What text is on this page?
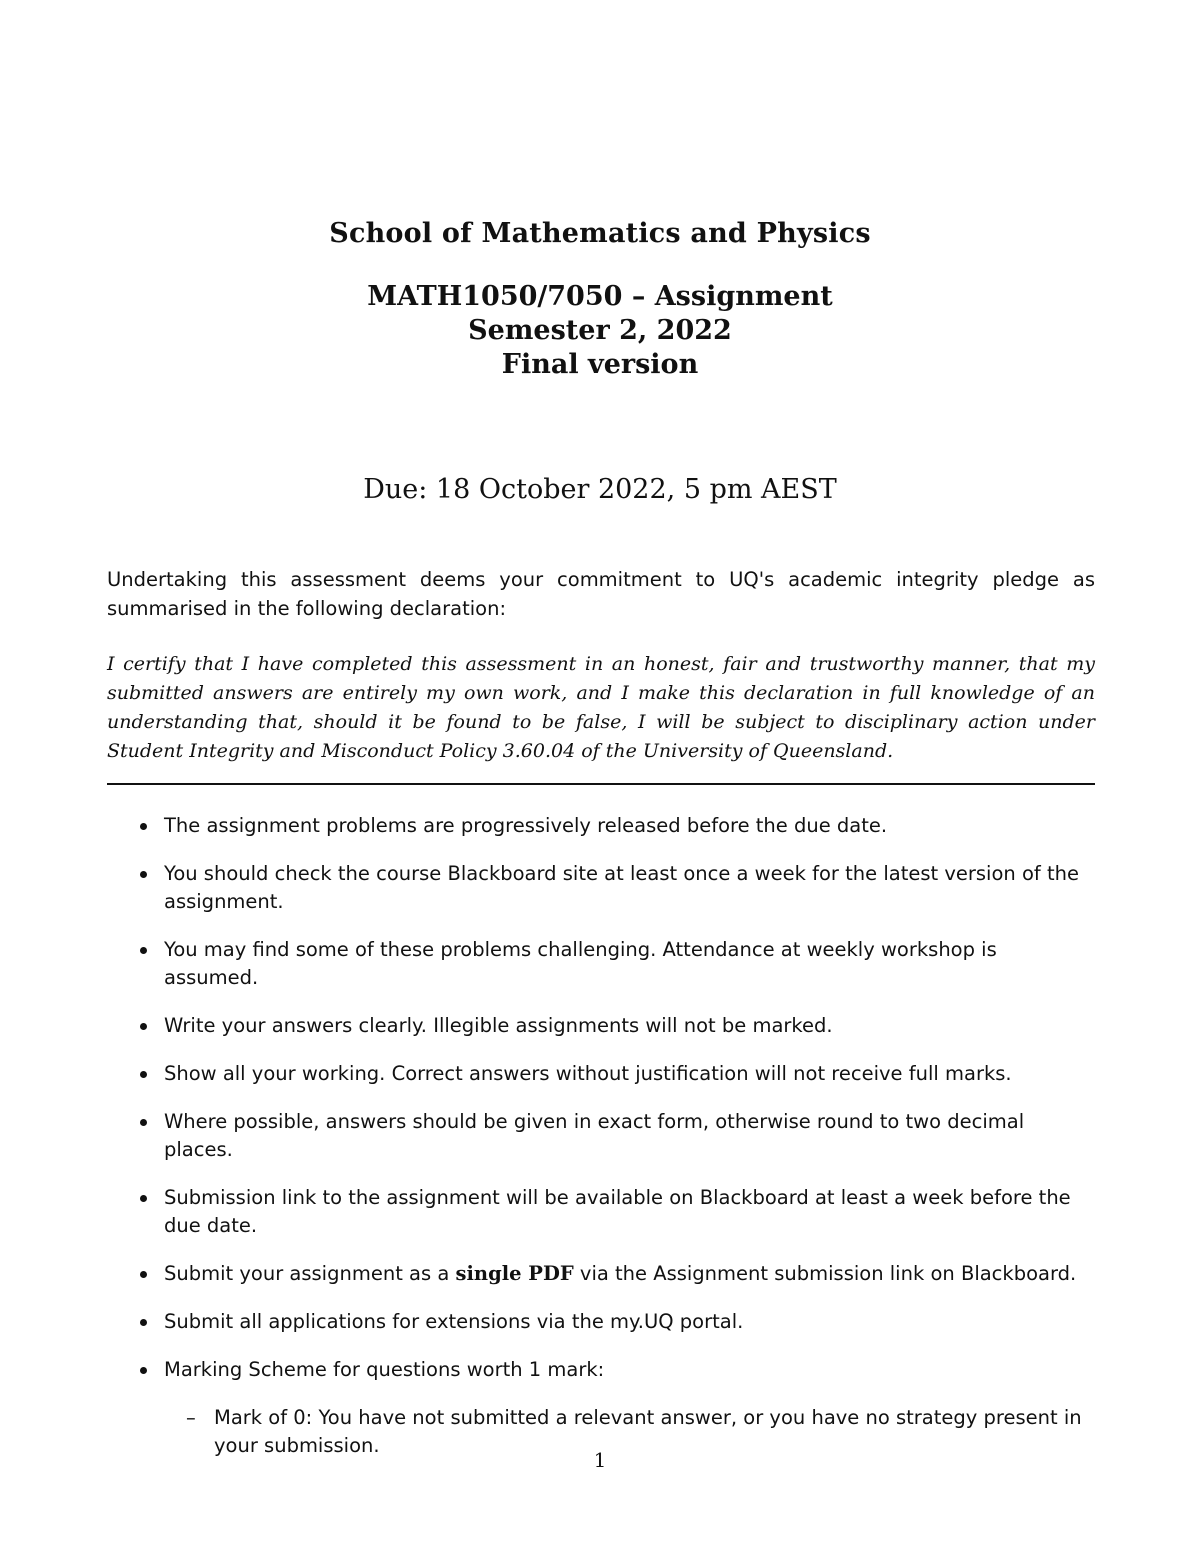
School of Mathematics and Physics
MATH1050/7050 – Assignment
Semester 2, 2022
Final version
Due: 18 October 2022, 5 pm AEST
Undertaking this assessment deems your commitment to UQ's academic integrity pledge as summarised in the following declaration:
I certify that I have completed this assessment in an honest, fair and trustworthy manner, that my submitted answers are entirely my own work, and I make this declaration in full knowledge of an understanding that, should it be found to be false, I will be subject to disciplinary action under Student Integrity and Misconduct Policy 3.60.04 of the University of Queensland.
The assignment problems are progressively released before the due date.
You should check the course Blackboard site at least once a week for the latest version of the assignment.
You may find some of these problems challenging. Attendance at weekly workshop is assumed.
Write your answers clearly. Illegible assignments will not be marked.
Show all your working. Correct answers without justification will not receive full marks.
Where possible, answers should be given in exact form, otherwise round to two decimal places.
Submission link to the assignment will be available on Blackboard at least a week before the due date.
Submit your assignment as a single PDF via the Assignment submission link on Blackboard.
Submit all applications for extensions via the my.UQ portal.
Marking Scheme for questions worth 1 mark:
– Mark of 0: You have not submitted a relevant answer, or you have no strategy present in your submission.
1
